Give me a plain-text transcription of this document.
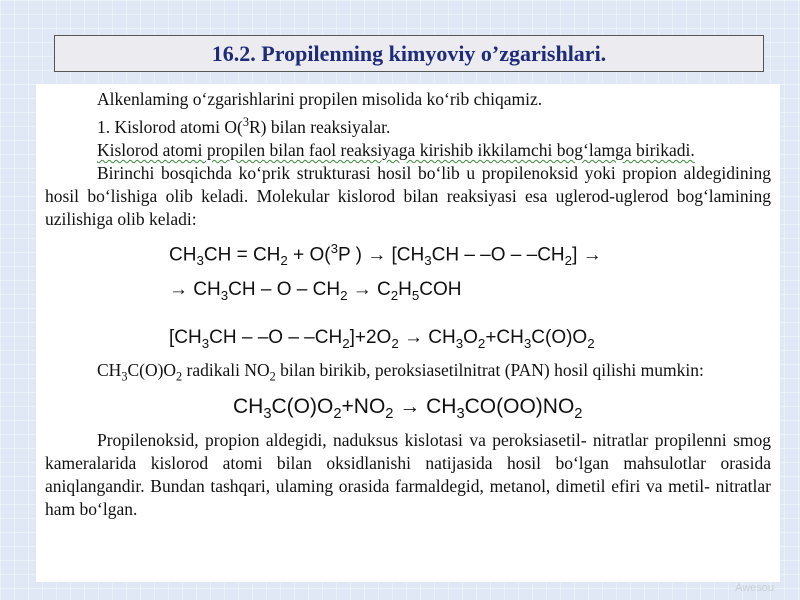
16.2. Propilenning kimyoviy o’zgarishlari.

Alkenlaming o‘zgarishlarini propilen misolida ko‘rib chiqamiz.

1. Kislorod atomi O($^3$R) bilan reaksiyalar.

Kislorod atomi propilen bilan faol reaksiyaga kirishib ikkilamchi bog‘lamga birikadi.

Birinchi bosqichda ko‘prik strukturasi hosil bo‘lib u propilenoksid yoki propion aldegidining hosil bo‘lishiga olib keladi. Molekular kislorod bilan reaksiyasi esa uglerod-uglerod bog‘lamining uzilishiga olib keladi:

$CH_3CH = CH_2 + O(^3P$ ) → $[CH_3CH - -O - -CH_2]$ →
→ $CH_3CH - O - CH_2 \to C_2H_5COH$
$[CH_3CH - -O - -CH_2]+2O_2 \to CH_3O_2+CH_3C(O)O_2$

$CH_3C(O)O_2$ radikali $NO_2$ bilan birikib, peroksiasetilnitrat (PAN) hosil qilishi mumkin:

$CH_3C(O)O_2+NO_2 \to CH_3CO(OO)NO_2$

Propilenoksid, propion aldegidi, naduksus kislotasi va peroksiasetil- nitratlar propilenni smog kameralarida kislorod atomi bilan oksidlanishi natijasida hosil bo‘lgan mahsulotlar orasida aniqlangandir. Bundan tashqari, ulaming orasida farmaldegid, metanol, dimetil efiri va metil- nitratlar ham bo‘lgan.

Awesou
